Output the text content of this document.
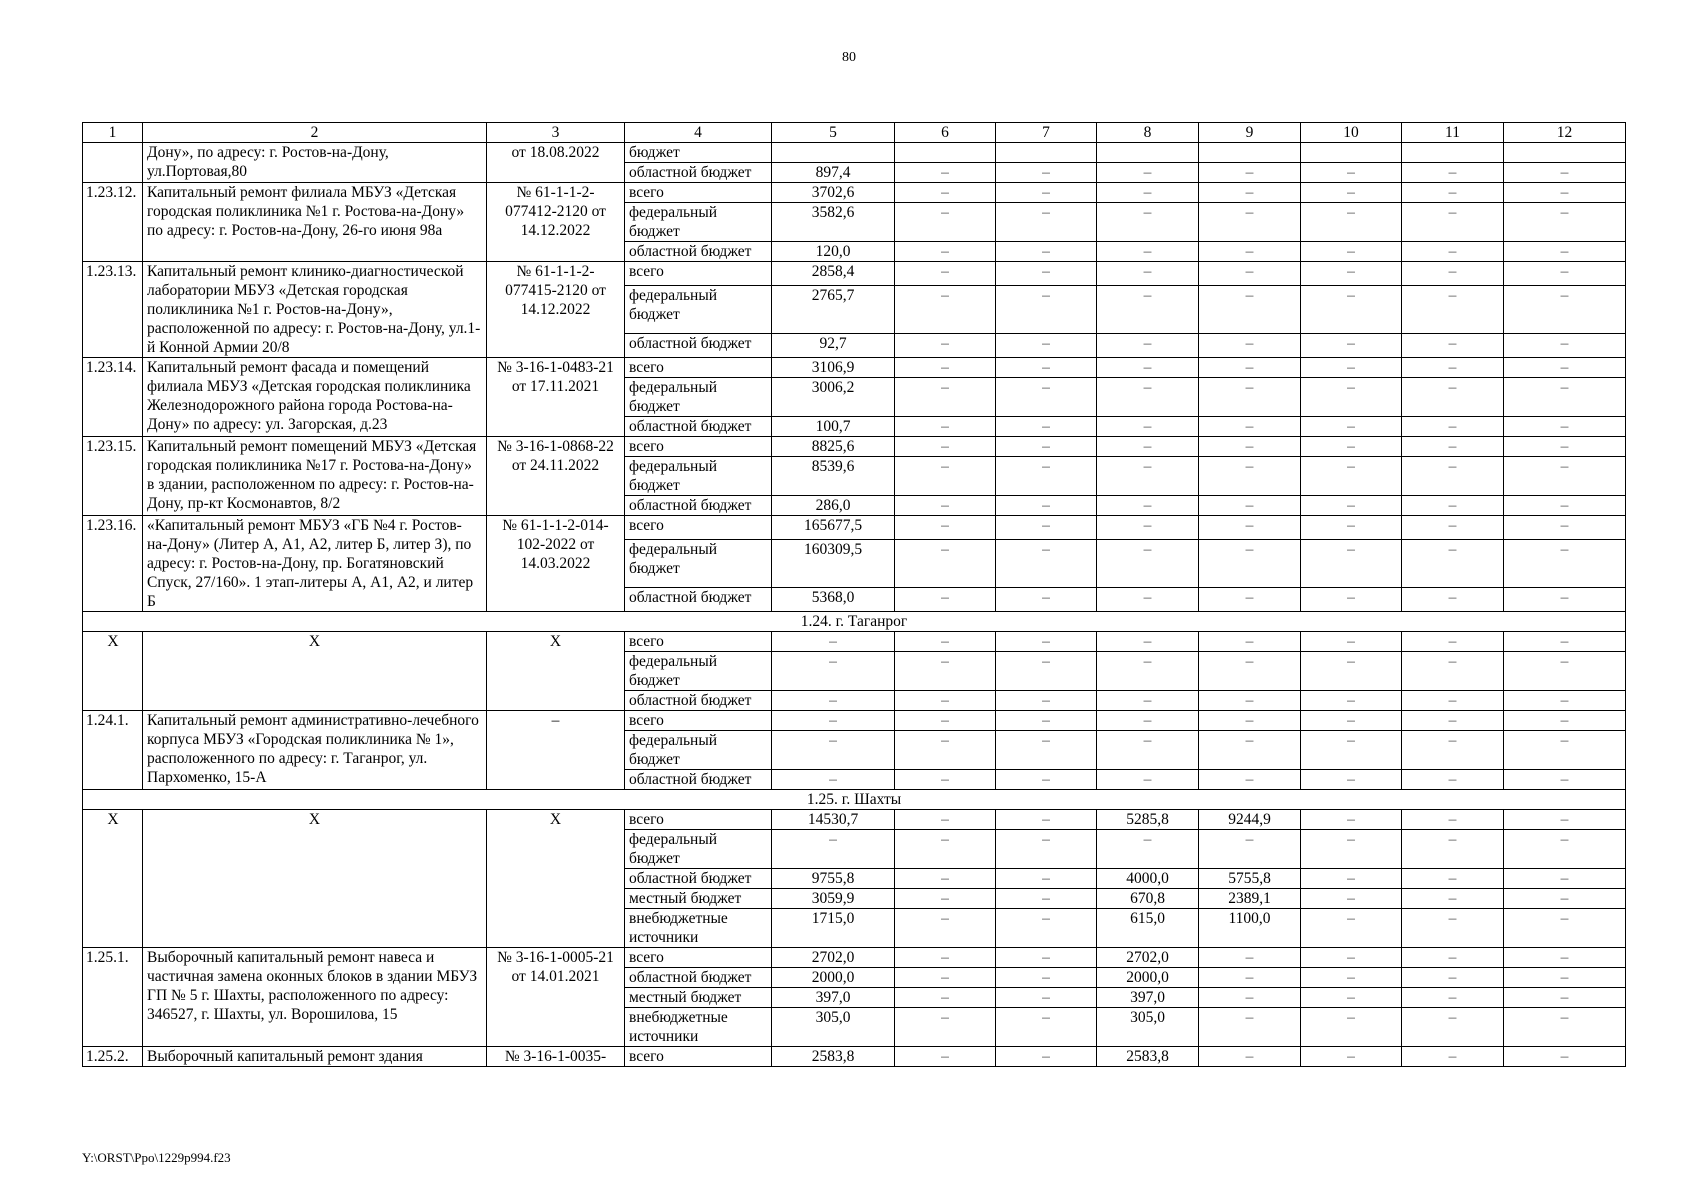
80
1	2	3	4	5	6	7	8	9	10	11	12
	Дону», по адресу: г. Ростов-на-Дону, ул.Портовая,80	от 18.08.2022	бюджет								
			областной бюджет	897,4	–	–	–	–	–	–	–
1.23.12.	Капитальный ремонт филиала МБУЗ «Детская городская поликлиника №1 г. Ростова-на-Дону» по адресу: г. Ростов-на-Дону, 26-го июня 98а	№ 61-1-1-2-077412-2120 от 14.12.2022	всего	3702,6	–	–	–	–	–	–	–
			федеральный бюджет	3582,6	–	–	–	–	–	–	–
			областной бюджет	120,0	–	–	–	–	–	–	–
1.23.13.	Капитальный ремонт клинико-диагностической лаборатории МБУЗ «Детская городская поликлиника №1 г. Ростов-на-Дону», расположенной по адресу: г. Ростов-на-Дону, ул.1-й Конной Армии 20/8	№ 61-1-1-2-077415-2120 от 14.12.2022	всего	2858,4	–	–	–	–	–	–	–
			федеральный бюджет	2765,7	–	–	–	–	–	–	–
			областной бюджет	92,7	–	–	–	–	–	–	–
1.23.14.	Капитальный ремонт фасада и помещений филиала МБУЗ «Детская городская поликлиника Железнодорожного района города Ростова-на-Дону» по адресу: ул. Загорская, д.23	№ 3-16-1-0483-21 от 17.11.2021	всего	3106,9	–	–	–	–	–	–	–
			федеральный бюджет	3006,2	–	–	–	–	–	–	–
			областной бюджет	100,7	–	–	–	–	–	–	–
1.23.15.	Капитальный ремонт помещений МБУЗ «Детская городская поликлиника №17 г. Ростова-на-Дону» в здании, расположенном по адресу: г. Ростов-на-Дону, пр-кт Космонавтов, 8/2	№ 3-16-1-0868-22 от 24.11.2022	всего	8825,6	–	–	–	–	–	–	–
			федеральный бюджет	8539,6	–	–	–	–	–	–	–
			областной бюджет	286,0	–	–	–	–	–	–	–
1.23.16.	«Капитальный ремонт МБУЗ «ГБ №4 г. Ростов-на-Дону» (Литер А, А1, А2, литер Б, литер З), по адресу: г. Ростов-на-Дону, пр. Богатяновский Спуск, 27/160». 1 этап-литеры А, А1, А2, и литер Б	№ 61-1-1-2-014-102-2022 от 14.03.2022	всего	165677,5	–	–	–	–	–	–	–
			федеральный бюджет	160309,5	–	–	–	–	–	–	–
			областной бюджет	5368,0	–	–	–	–	–	–	–
1.24. г. Таганрог											
X	X	X	всего	–	–	–	–	–	–	–	–
			федеральный бюджет	–	–	–	–	–	–	–	–
			областной бюджет	–	–	–	–	–	–	–	–
1.24.1.	Капитальный ремонт административно-лечебного корпуса МБУЗ «Городская поликлиника № 1», расположенного по адресу: г. Таганрог, ул. Пархоменко, 15-А	–	всего	–	–	–	–	–	–	–	–
			федеральный бюджет	–	–	–	–	–	–	–	–
			областной бюджет	–	–	–	–	–	–	–	–
1.25. г. Шахты											
X	X	X	всего	14530,7	–	–	5285,8	9244,9	–	–	–
			федеральный бюджет	–	–	–	–	–	–	–	–
			областной бюджет	9755,8	–	–	4000,0	5755,8	–	–	–
			местный бюджет	3059,9	–	–	670,8	2389,1	–	–	–
			внебюджетные источники	1715,0	–	–	615,0	1100,0	–	–	–
1.25.1.	Выборочный капитальный ремонт навеса и частичная замена оконных блоков в здании МБУЗ ГП № 5 г. Шахты, расположенного по адресу: 346527, г. Шахты, ул. Ворошилова, 15	№ 3-16-1-0005-21 от 14.01.2021	всего	2702,0	–	–	2702,0	–	–	–	–
			областной бюджет	2000,0	–	–	2000,0	–	–	–	–
			местный бюджет	397,0	–	–	397,0	–	–	–	–
			внебюджетные источники	305,0	–	–	305,0	–	–	–	–
1.25.2.	Выборочный капитальный ремонт здания	№ 3-16-1-0035-	всего	2583,8	–	–	2583,8	–	–	–	–
Y:\ORST\Ppo\1229p994.f23
